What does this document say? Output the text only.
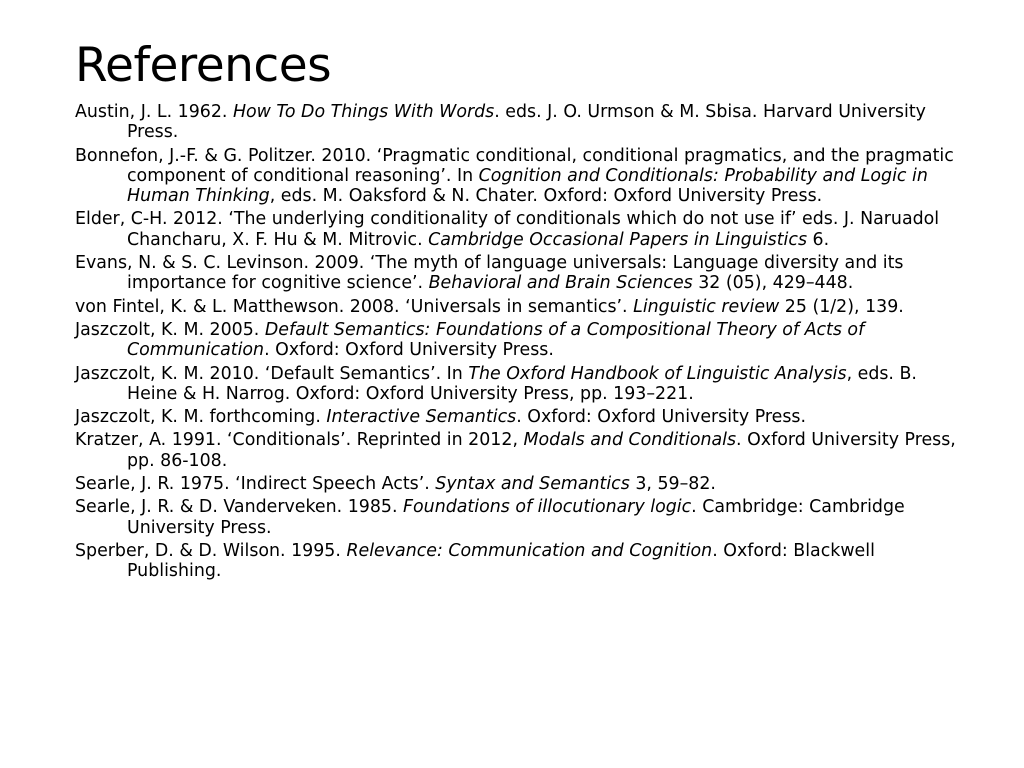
References
Austin, J. L. 1962. How To Do Things With Words. eds. J. O. Urmson & M. Sbisa. Harvard University Press.
Bonnefon, J.-F. & G. Politzer. 2010. ‘Pragmatic conditional, conditional pragmatics, and the pragmatic component of conditional reasoning’. In Cognition and Conditionals: Probability and Logic in Human Thinking, eds. M. Oaksford & N. Chater. Oxford: Oxford University Press.
Elder, C-H. 2012. ‘The underlying conditionality of conditionals which do not use if’ eds. J. Naruadol Chancharu, X. F. Hu & M. Mitrovic. Cambridge Occasional Papers in Linguistics 6.
Evans, N. & S. C. Levinson. 2009. ‘The myth of language universals: Language diversity and its importance for cognitive science’. Behavioral and Brain Sciences 32 (05), 429–448.
von Fintel, K. & L. Matthewson. 2008. ‘Universals in semantics’. Linguistic review 25 (1/2), 139.
Jaszczolt, K. M. 2005. Default Semantics: Foundations of a Compositional Theory of Acts of Communication. Oxford: Oxford University Press.
Jaszczolt, K. M. 2010. ‘Default Semantics’. In The Oxford Handbook of Linguistic Analysis, eds. B. Heine & H. Narrog. Oxford: Oxford University Press, pp. 193–221.
Jaszczolt, K. M. forthcoming. Interactive Semantics. Oxford: Oxford University Press.
Kratzer, A. 1991. ‘Conditionals’. Reprinted in 2012, Modals and Conditionals. Oxford University Press, pp. 86-108.
Searle, J. R. 1975. ‘Indirect Speech Acts’. Syntax and Semantics 3, 59–82.
Searle, J. R. & D. Vanderveken. 1985. Foundations of illocutionary logic. Cambridge: Cambridge University Press.
Sperber, D. & D. Wilson. 1995. Relevance: Communication and Cognition. Oxford: Blackwell Publishing.
